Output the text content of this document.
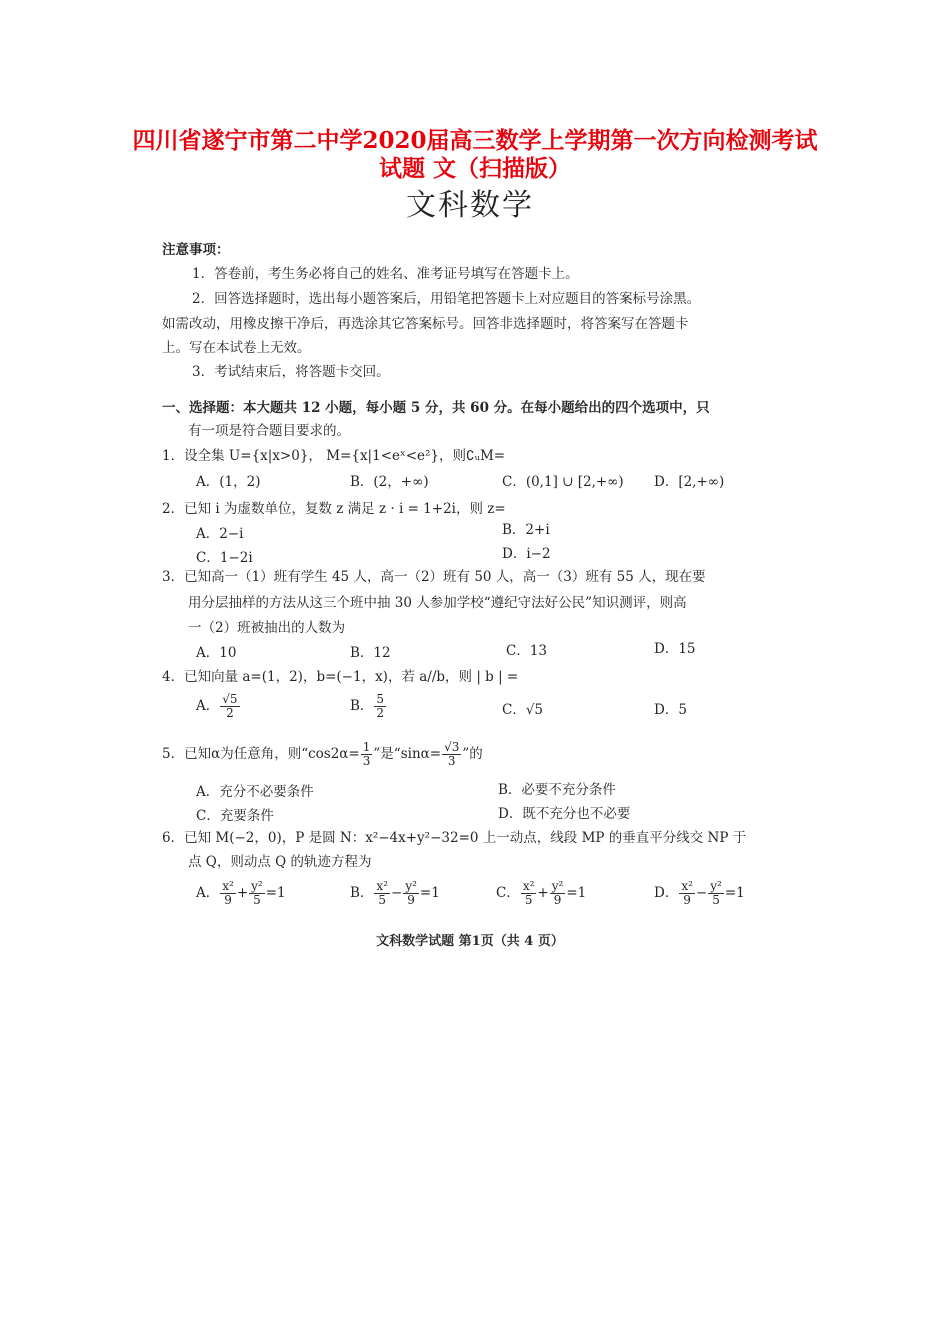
四川省遂宁市第二中学2020届高三数学上学期第一次方向检测考试
试题 文（扫描版）
文科数学
注意事项：
1．答卷前，考生务必将自己的姓名、准考证号填写在答题卡上。
2．回答选择题时，选出每小题答案后，用铅笔把答题卡上对应题目的答案标号涂黑。
如需改动，用橡皮擦干净后，再选涂其它答案标号。回答非选择题时，将答案写在答题卡
上。写在本试卷上无效。
3．考试结束后，将答题卡交回。
一、选择题：本大题共 12 小题，每小题 5 分，共 60 分。在每小题给出的四个选项中，只
有一项是符合题目要求的。
1．设全集 U={x|x>0}， M={x|1<eˣ<e²}，则∁ᵤM=
A．(1，2)	B．(2，+∞)	C．(0,1] ∪ [2,+∞) D．[2,+∞)
2．已知 i 为虚数单位，复数 z 满足 z · i = 1+2i，则 z=
A．2−i	B．2+i
C．1−2i	D．i−2
3．已知高一（1）班有学生 45 人，高一（2）班有 50 人，高一（3）班有 55 人，现在要
用分层抽样的方法从这三个班中抽 30 人参加学校“遵纪守法好公民”知识测评，则高
一（2）班被抽出的人数为
A．10	B．12	C．13	D．15
4．已知向量 a=(1，2)，b=(−1，x)，若 a//b，则 | b | =
A． $\frac{√5}{2}$	B． $\frac{5}{2}$	C．√5	D．5
5．已知α为任意角，则“$\cos 2\alpha= \frac{1}{3}$ ”是“$\sin\alpha= \frac{√3}{3}$ ”的
A．充分不必要条件	B．必要不充分条件
C．充要条件	D．既不充分也不必要
6．已知 M(−2，0)，P 是圆 N：x²−4x+y²−32=0 上一动点，线段 MP 的垂直平分线交 NP 于
点 Q，则动点 Q 的轨迹方程为
A． $\frac{\text{x²}}{9} + \frac{\text{y²}}{5} =1$	B． $\frac{\text{x²}}{5} - \frac{\text{y²}}{9} =1$	C． $\frac{\text{x²}}{5} + \frac{\text{y²}}{9} =1$	D． $\frac{\text{x²}}{9} - \frac{\text{y²}}{5} =1$
文科数学试题 第1页（共 4 页）
